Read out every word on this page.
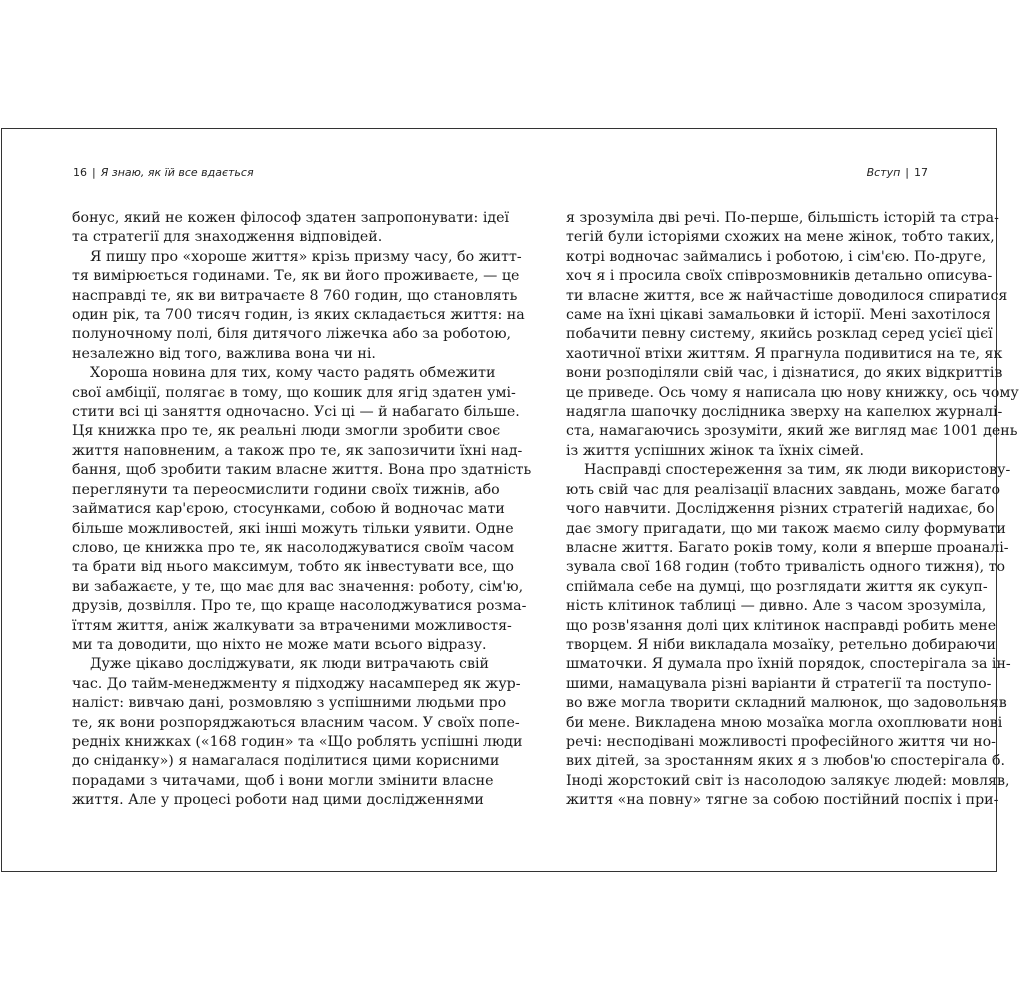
16 | Я знаю, як їй все вдається
бонус, який не кожен філософ здатен запропонувати: ідеї
та стратегії для знаходження відповідей.
Я пишу про «хороше життя» крізь призму часу, бо житт-
тя вимірюється годинами. Те, як ви його проживаєте, — це
насправді те, як ви витрачаєте 8 760 годин, що становлять
один рік, та 700 тисяч годин, із яких складається життя: на
полуночному полі, біля дитячого ліжечка або за роботою,
незалежно від того, важлива вона чи ні.
Хороша новина для тих, кому часто радять обмежити
свої амбіції, полягає в тому, що кошик для ягід здатен умі-
стити всі ці заняття одночасно. Усі ці — й набагато більше.
Ця книжка про те, як реальні люди змогли зробити своє
життя наповненим, а також про те, як запозичити їхні над-
бання, щоб зробити таким власне життя. Вона про здатність
переглянути та переосмислити години своїх тижнів, або
займатися кар'єрою, стосунками, собою й водночас мати
більше можливостей, які інші можуть тільки уявити. Одне
слово, це книжка про те, як насолоджуватися своїм часом
та брати від нього максимум, тобто як інвестувати все, що
ви забажаєте, у те, що має для вас значення: роботу, сім'ю,
друзів, дозвілля. Про те, що краще насолоджуватися розма-
їттям життя, аніж жалкувати за втраченими можливостя-
ми та доводити, що ніхто не може мати всього відразу.
Дуже цікаво досліджувати, як люди витрачають свій
час. До тайм-менеджменту я підходжу насамперед як жур-
наліст: вивчаю дані, розмовляю з успішними людьми про
те, як вони розпоряджаються власним часом. У своїх попе-
редніх книжках («168 годин» та «Що роблять успішні люди
до сніданку») я намагалася поділитися цими корисними
порадами з читачами, щоб і вони могли змінити власне
життя. Але у процесі роботи над цими дослідженнями
Вступ | 17
я зрозуміла дві речі. По-перше, більшість історій та стра-
тегій були історіями схожих на мене жінок, тобто таких,
котрі водночас займались і роботою, і сім'єю. По-друге,
хоч я і просила своїх співрозмовників детально описува-
ти власне життя, все ж найчастіше доводилося спиратися
саме на їхні цікаві замальовки й історії. Мені захотілося
побачити певну систему, якийсь розклад серед усієї цієї
хаотичної втіхи життям. Я прагнула подивитися на те, як
вони розподіляли свій час, і дізнатися, до яких відкриттів
це приведе. Ось чому я написала цю нову книжку, ось чому
надягла шапочку дослідника зверху на капелюх журналі-
ста, намагаючись зрозуміти, який же вигляд має 1001 день
із життя успішних жінок та їхніх сімей.
Насправді спостереження за тим, як люди використову-
ють свій час для реалізації власних завдань, може багато
чого навчити. Дослідження різних стратегій надихає, бо
дає змогу пригадати, що ми також маємо силу формувати
власне життя. Багато років тому, коли я вперше проаналі-
зувала свої 168 годин (тобто тривалість одного тижня), то
спіймала себе на думці, що розглядати життя як сукуп-
ність клітинок таблиці — дивно. Але з часом зрозуміла,
що розв'язання долі цих клітинок насправді робить мене
творцем. Я ніби викладала мозаїку, ретельно добираючи
шматочки. Я думала про їхній порядок, спостерігала за ін-
шими, намацувала різні варіанти й стратегії та поступо-
во вже могла творити складний малюнок, що задовольняв
би мене. Викладена мною мозаїка могла охоплювати нові
речі: несподівані можливості професійного життя чи но-
вих дітей, за зростанням яких я з любов'ю спостерігала б.
Іноді жорстокий світ із насолодою залякує людей: мовляв,
життя «на повну» тягне за собою постійний поспіх і при-
